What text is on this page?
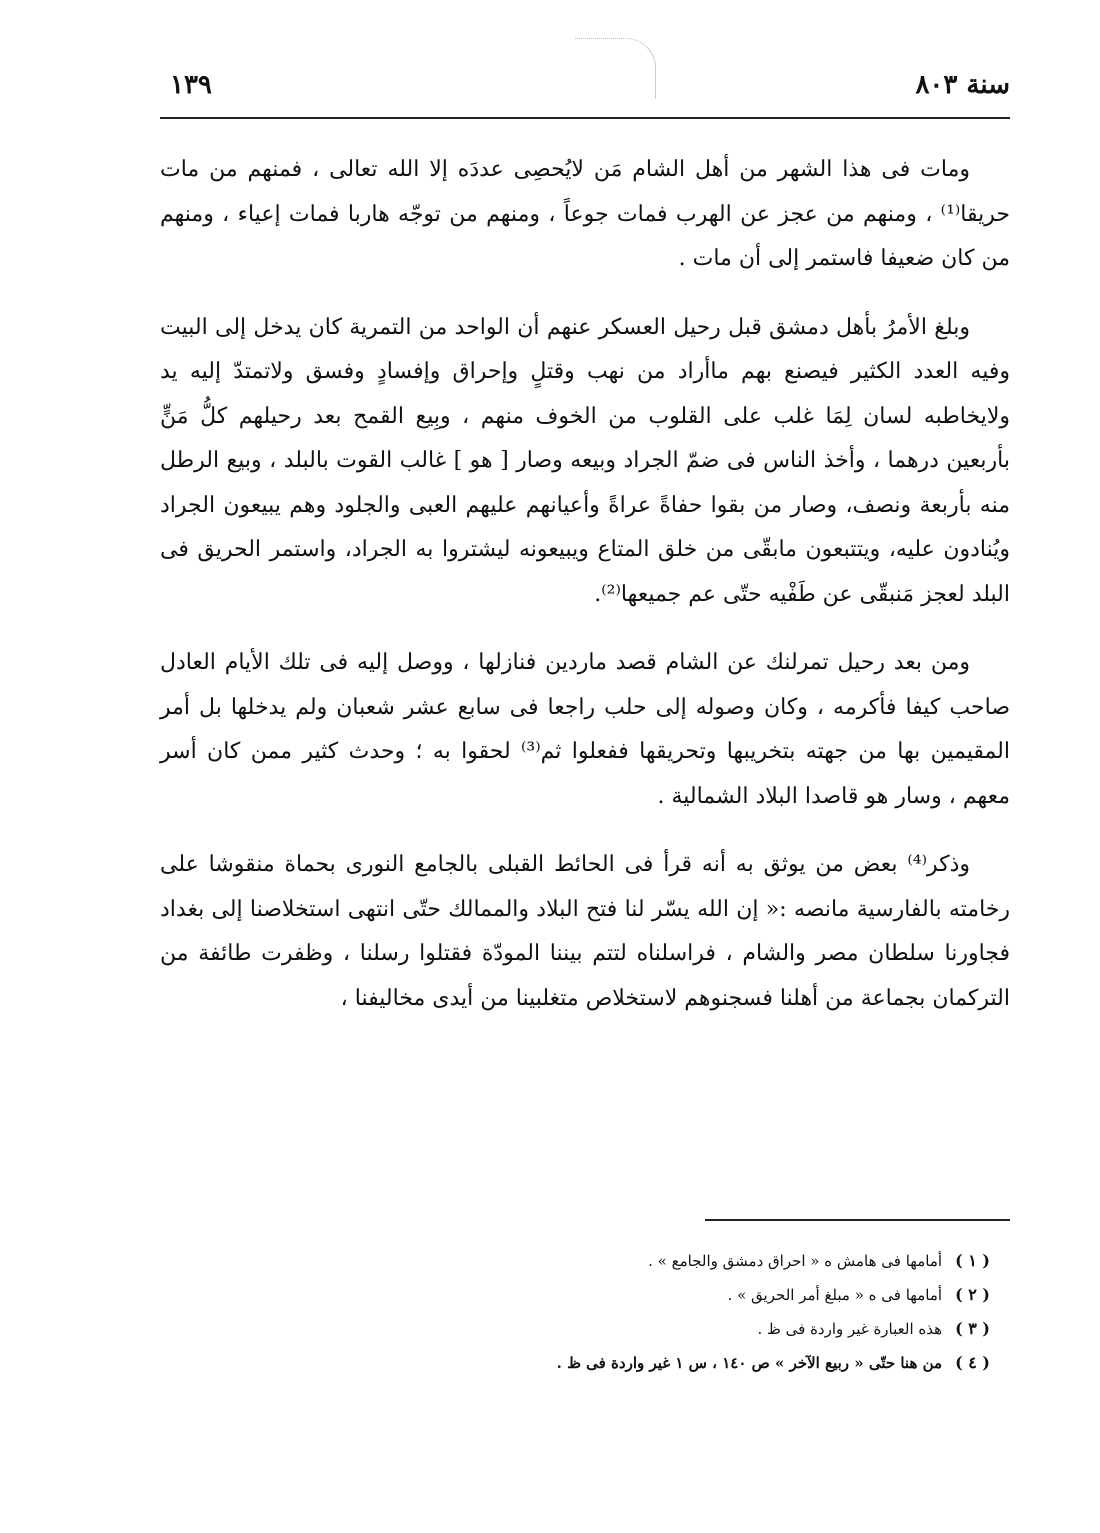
سنة ٨٠٣
١٣٩

ومات فى هذا الشهر من أهل الشام مَن لايُحصِى عددَه إلا الله تعالى ، فمنهم من مات حريقا⁽¹⁾ ، ومنهم من عجز عن الهرب فمات جوعاً ، ومنهم من توجّه هاربا فمات إعياء ، ومنهم من كان ضعيفا فاستمر إلى أن مات .

وبلغ الأمرُ بأهل دمشق قبل رحيل العسكر عنهم أن الواحد من التمرية كان يدخل إلى البيت وفيه العدد الكثير فيصنع بهم ماأراد من نهب وقتلٍ وإحراق وإفسادٍ وفسق ولاتمتدّ إليه يد ولايخاطبه لسان لِمَا غلب على القلوب من الخوف منهم ، وبِيع القمح بعد رحيلهم كلُّ مَنٍّ بأربعين درهما ، وأخذ الناس فى ضمّ الجراد وبيعه وصار [ هو ] غالب القوت بالبلد ، وبيع الرطل منه بأربعة ونصف، وصار من بقوا حفاةً عراةً وأعيانهم عليهم العبى والجلود وهم يبيعون الجراد ويُنادون عليه، ويتتبعون مابقّى من خلق المتاع ويبيعونه ليشتروا به الجراد، واستمر الحريق فى البلد لعجز مَنبقّى عن طَفْيه حتّى عم جميعها⁽²⁾.

ومن بعد رحيل تمرلنك عن الشام قصد ماردين فنازلها ، ووصل إليه فى تلك الأيام العادل صاحب كيفا فأكرمه ، وكان وصوله إلى حلب راجعا فى سابع عشر شعبان ولم يدخلها بل أمر المقيمين بها من جهته بتخريبها وتحريقها ففعلوا ثم⁽³⁾ لحقوا به ؛ وحدث كثير ممن كان أسر معهم ، وسار هو قاصدا البلاد الشمالية .

وذكر⁽⁴⁾ بعض من يوثق به أنه قرأ فى الحائط القبلى بالجامع النورى بحماة منقوشا على رخامته بالفارسية مانصه :« إن الله يسّر لنا فتح البلاد والممالك حتّى انتهى استخلاصنا إلى بغداد فجاورنا سلطان مصر والشام ، فراسلناه لتتم بيننا المودّة فقتلوا رسلنا ، وظفرت طائفة من التركمان بجماعة من أهلنا فسجنوهم لاستخلاص متغلبينا من أيدى مخاليفنا ،

( ١ ) أمامها فى هامش ه « احراق دمشق والجامع » .
( ٢ ) أمامها فى ه « مبلغ أمر الحريق » .
( ٣ ) هذه العبارة غير واردة فى ظ .
( ٤ ) من هنا حتّى « ربيع الآخر » ص ١٤٠ ، س ١ غير واردة فى ظ .
